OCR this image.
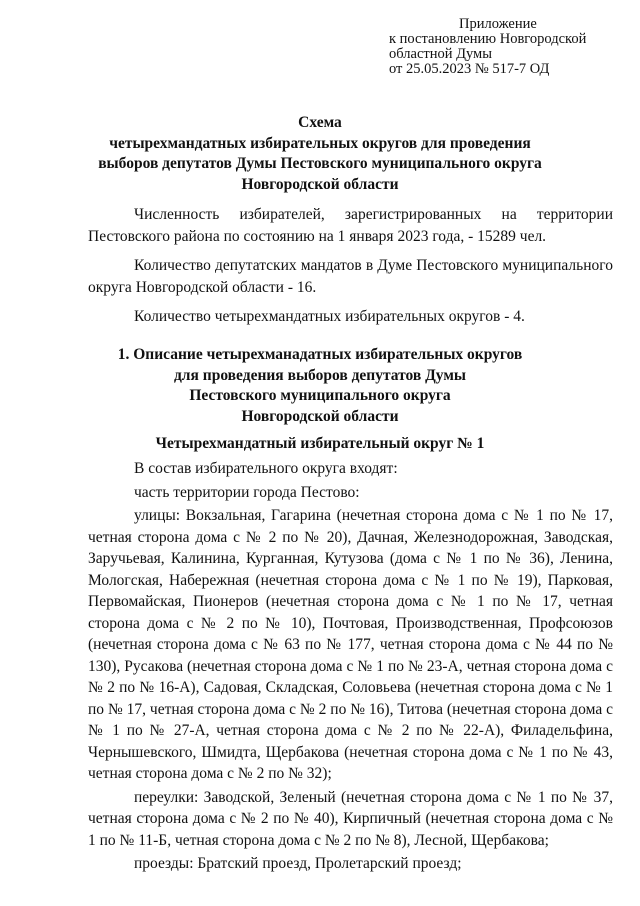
Приложение
к постановлению Новгородской
областной Думы
от 25.05.2023 № 517-7 ОД
Схема
четырехмандатных избирательных округов для проведения
выборов депутатов Думы Пестовского муниципального округа
Новгородской области

Численность избирателей, зарегистрированных на территории Пестовского района по состоянию на 1 января 2023 года, - 15289 чел.

Количество депутатских мандатов в Думе Пестовского муниципального округа Новгородской области - 16.

Количество четырехмандатных избирательных округов - 4.

1. Описание четырехманадатных избирательных округов
для проведения выборов депутатов Думы
Пестовского муниципального округа
Новгородской области
Четырехмандатный избирательный округ № 1

В состав избирательного округа входят:

часть территории города Пестово:

улицы: Вокзальная, Гагарина (нечетная сторона дома с № 1 по № 17, четная сторона дома с № 2 по № 20), Дачная, Железнодорожная, Заводская, Заручьевая, Калинина, Курганная, Кутузова (дома с № 1 по № 36), Ленина, Мологская, Набережная (нечетная сторона дома с № 1 по № 19), Парковая, Первомайская, Пионеров (нечетная сторона дома с № 1 по № 17, четная сторона дома с № 2 по № 10), Почтовая, Производственная, Профсоюзов (нечетная сторона дома с № 63 по № 177, четная сторона дома с № 44 по № 130), Русакова (нечетная сторона дома с № 1 по № 23-А, четная сторона дома с № 2 по № 16-А), Садовая, Складская, Соловьева (нечетная сторона дома с № 1 по № 17, четная сторона дома с № 2 по № 16), Титова (нечетная сторона дома с № 1 по № 27-А, четная сторона дома с № 2 по № 22-А), Филадельфина, Чернышевского, Шмидта, Щербакова (нечетная сторона дома с № 1 по № 43, четная сторона дома с № 2 по № 32);

переулки: Заводской, Зеленый (нечетная сторона дома с № 1 по № 37, четная сторона дома с № 2 по № 40), Кирпичный (нечетная сторона дома с № 1 по № 11-Б, четная сторона дома с № 2 по № 8), Лесной, Щербакова;

проезды: Братский проезд, Пролетарский проезд;
